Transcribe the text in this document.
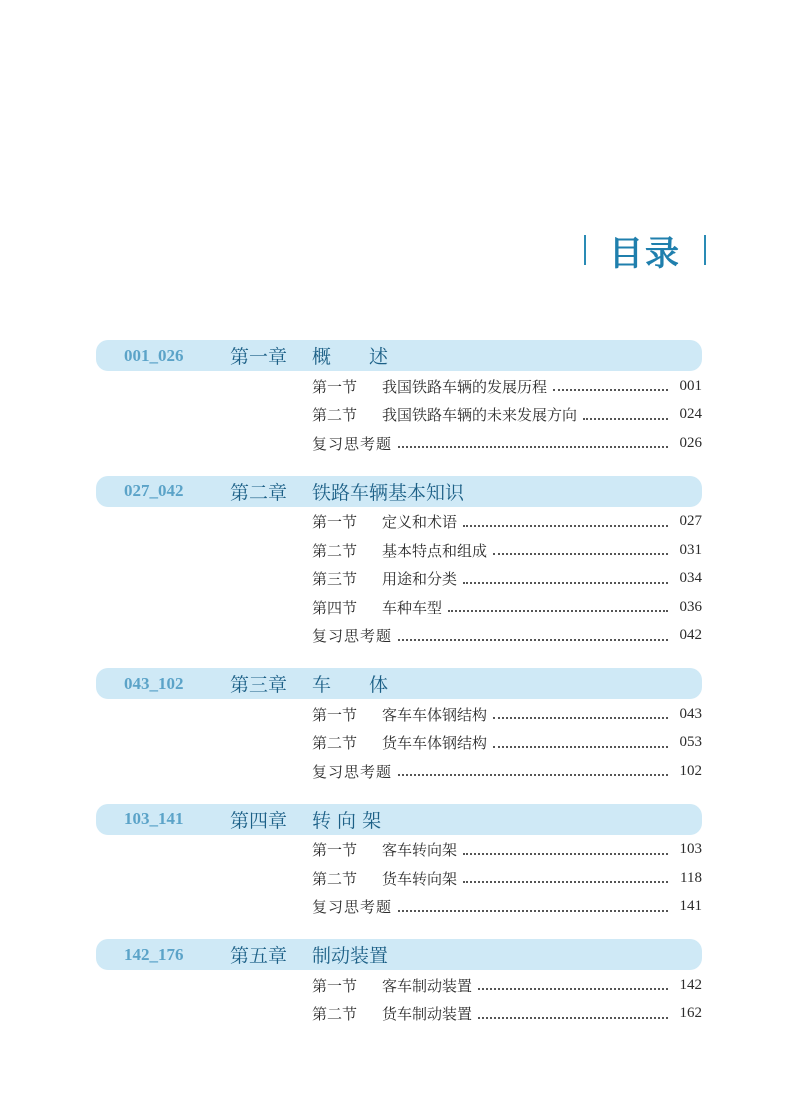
目录
001_026 第一章 概　　述
第一节	我国铁路车辆的发展历程	001
第二节	我国铁路车辆的未来发展方向	024
复习思考题	026
027_042 第二章 铁路车辆基本知识
第一节	定义和术语	027
第二节	基本特点和组成	031
第三节	用途和分类	034
第四节	车种车型	036
复习思考题	042
043_102 第三章 车　　体
第一节	客车车体钢结构	043
第二节	货车车体钢结构	053
复习思考题	102
103_141 第四章 转 向 架
第一节	客车转向架	103
第二节	货车转向架	118
复习思考题	141
142_176 第五章 制动装置
第一节	客车制动装置	142
第二节	货车制动装置	162
